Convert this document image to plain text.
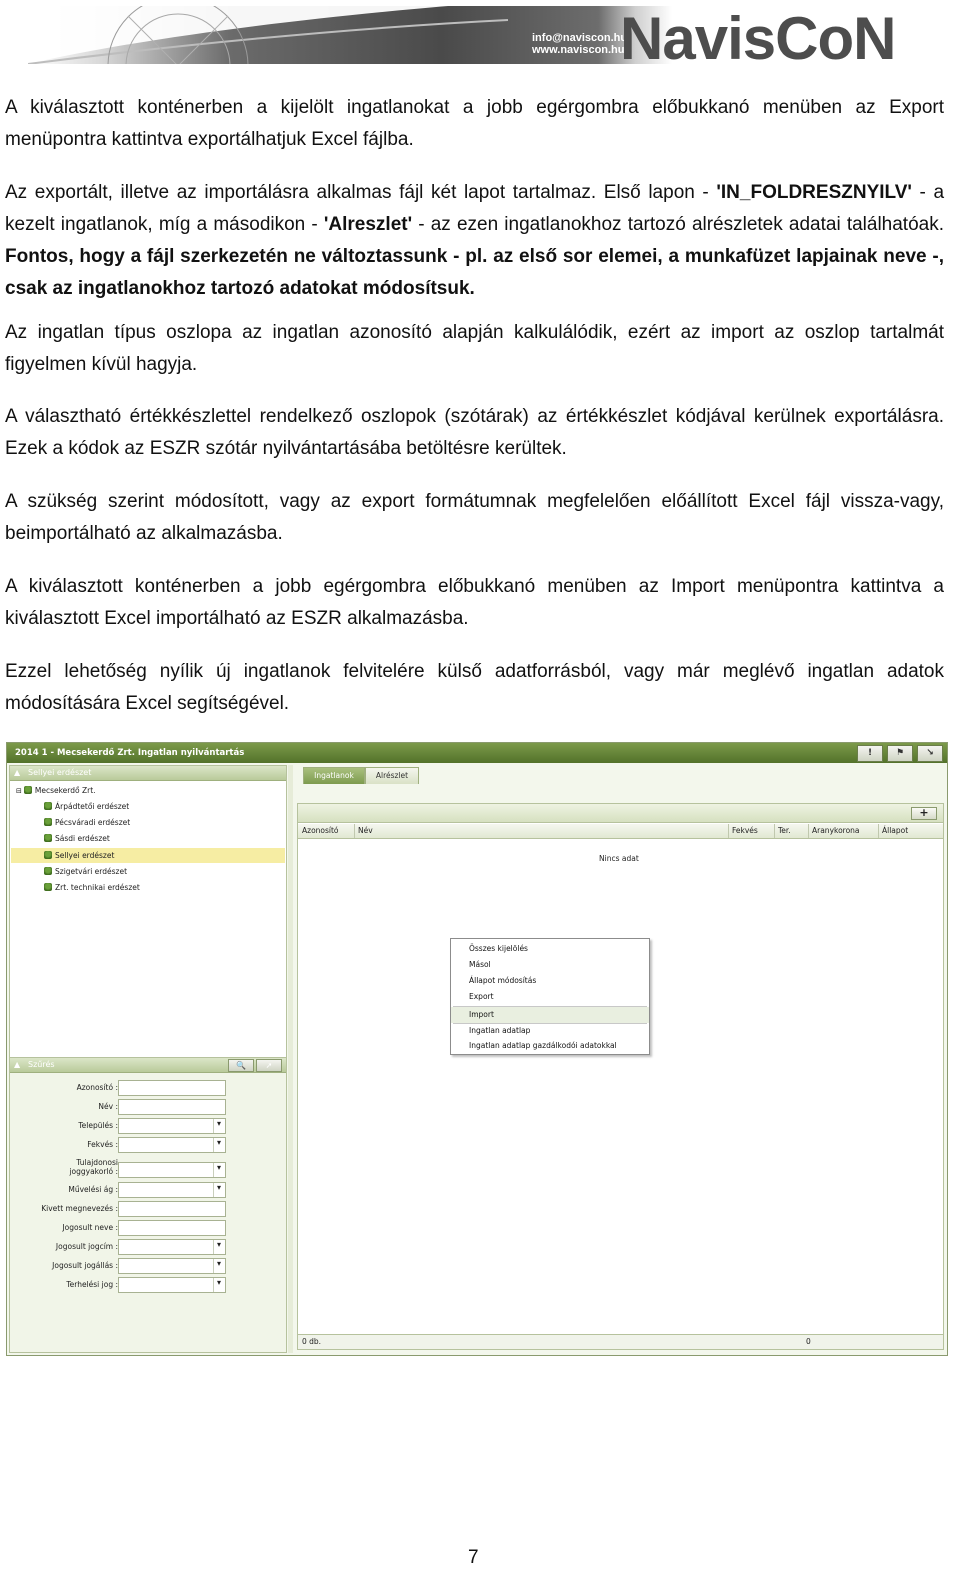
info@naviscon.hu
www.naviscon.hu
NavisCoN
A kiválasztott konténerben a kijelölt ingatlanokat a jobb egérgombra előbukkanó menüben az Export menüpontra kattintva exportálhatjuk Excel fájlba.
Az exportált, illetve az importálásra alkalmas fájl két lapot tartalmaz. Első lapon - 'IN_FOLDRESZNYILV' - a kezelt ingatlanok, míg a másodikon - 'Alreszlet' - az ezen ingatlanokhoz tartozó alrészletek adatai találhatóak. Fontos, hogy a fájl szerkezetén ne változtassunk - pl. az első sor elemei, a munkafüzet lapjainak neve -, csak az ingatlanokhoz tartozó adatokat módosítsuk.
Az ingatlan típus oszlopa az ingatlan azonosító alapján kalkulálódik, ezért az import az oszlop tartalmát figyelmen kívül hagyja.
A választható értékkészlettel rendelkező oszlopok (szótárak) az értékkészlet kódjával kerülnek exportálásra. Ezek a kódok az ESZR szótár nyilvántartásába betöltésre kerültek.
A szükség szerint módosított, vagy az export formátumnak megfelelően előállított Excel fájl vissza-vagy, beimportálható az alkalmazásba.
A kiválasztott konténerben a jobb egérgombra előbukkanó menüben az Import menüpontra kattintva a kiválasztott Excel importálható az ESZR alkalmazásba.
Ezzel lehetőség nyílik új ingatlanok felvitelére külső adatforrásból, vagy már meglévő ingatlan adatok módosítására Excel segítségével.
2014 1 - Mecsekerdő Zrt. Ingatlan nyilvántartás	!	⚑	↘
▲ Sellyei erdészet
⊟ Mecsekerdő Zrt.
Árpádtetői erdészet
Pécsváradi erdészet
Sásdi erdészet
Sellyei erdészet
Szigetvári erdészet
Zrt. technikai erdészet
▲ Szűrés	🔍 ➚
Azonosító :
Név :
Település :
▾
Fekvés :
▾
Tulajdonosi joggyakorló :
▾
Művelési ág :
▾
Kivett megnevezés :
Jogosult neve :
Jogosult jogcím :
▾
Jogosult jogállás :
▾
Terhelési jog :
▾
Ingatlanok	Alrészlet
+
Azonosító	Név	Fekvés	Ter.	Aranykorona	Állapot
Nincs adat
0 db.	0
Összes kijelölés
Másol
Állapot módosítás
Export
Import
Ingatlan adatlap
Ingatlan adatlap gazdálkodói adatokkal
7
